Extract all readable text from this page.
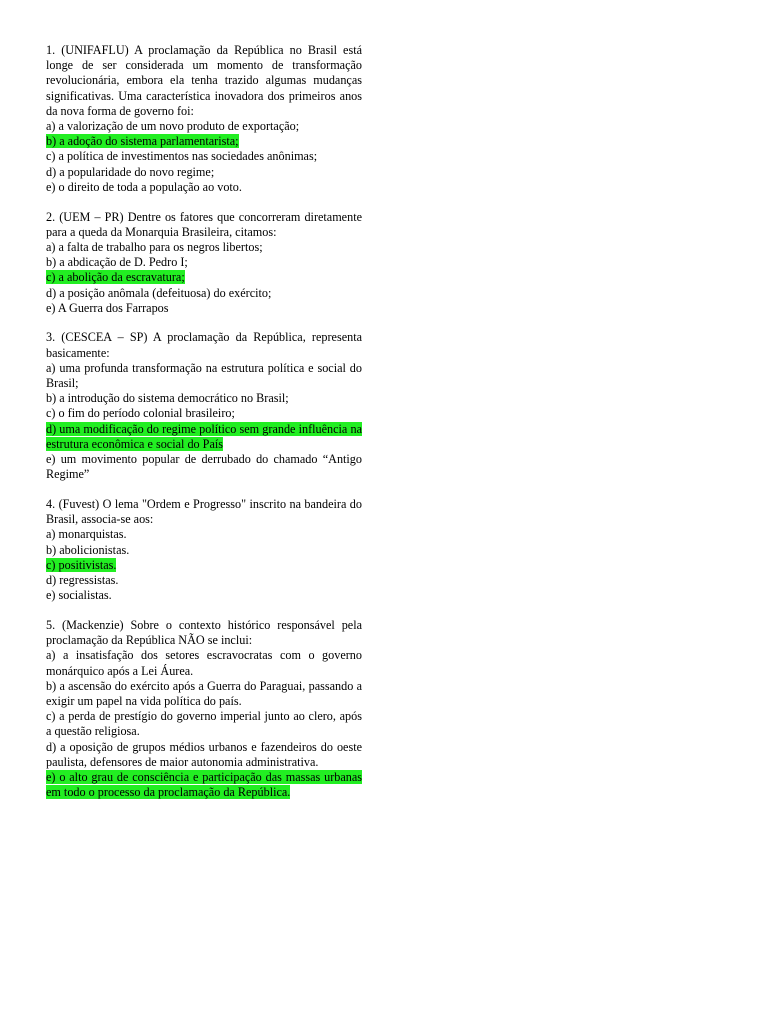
1. (UNIFAFLU) A proclamação da República no Brasil está longe de ser considerada um momento de transformação revolucionária, embora ela tenha trazido algumas mudanças significativas. Uma característica inovadora dos primeiros anos da nova forma de governo foi:

a) a valorização de um novo produto de exportação;

b) a adoção do sistema parlamentarista;

c) a política de investimentos nas sociedades anônimas;

d) a popularidade do novo regime;

e) o direito de toda a população ao voto.

2. (UEM – PR) Dentre os fatores que concorreram diretamente para a queda da Monarquia Brasileira, citamos:

a) a falta de trabalho para os negros libertos;

b) a abdicação de D. Pedro I;

c) a abolição da escravatura;

d) a posição anômala (defeituosa) do exército;

e) A Guerra dos Farrapos

3. (CESCEA – SP) A proclamação da República, representa basicamente:

a) uma profunda transformação na estrutura política e social do Brasil;

b) a introdução do sistema democrático no Brasil;

c) o fim do período colonial brasileiro;

d) uma modificação do regime político sem grande influência na estrutura econômica e social do País

e) um movimento popular de derrubado do chamado “Antigo Regime”

4. (Fuvest) O lema "Ordem e Progresso" inscrito na bandeira do Brasil, associa-se aos:

a) monarquistas.

b) abolicionistas.

c) positivistas.

d) regressistas.

e) socialistas.

5. (Mackenzie) Sobre o contexto histórico responsável pela proclamação da República NÃO se inclui:

a) a insatisfação dos setores escravocratas com o governo monárquico após a Lei Áurea.

b) a ascensão do exército após a Guerra do Paraguai, passando a exigir um papel na vida política do país.

c) a perda de prestígio do governo imperial junto ao clero, após a questão religiosa.

d) a oposição de grupos médios urbanos e fazendeiros do oeste paulista, defensores de maior autonomia administrativa.

e) o alto grau de consciência e participação das massas urbanas em todo o processo da proclamação da República.
